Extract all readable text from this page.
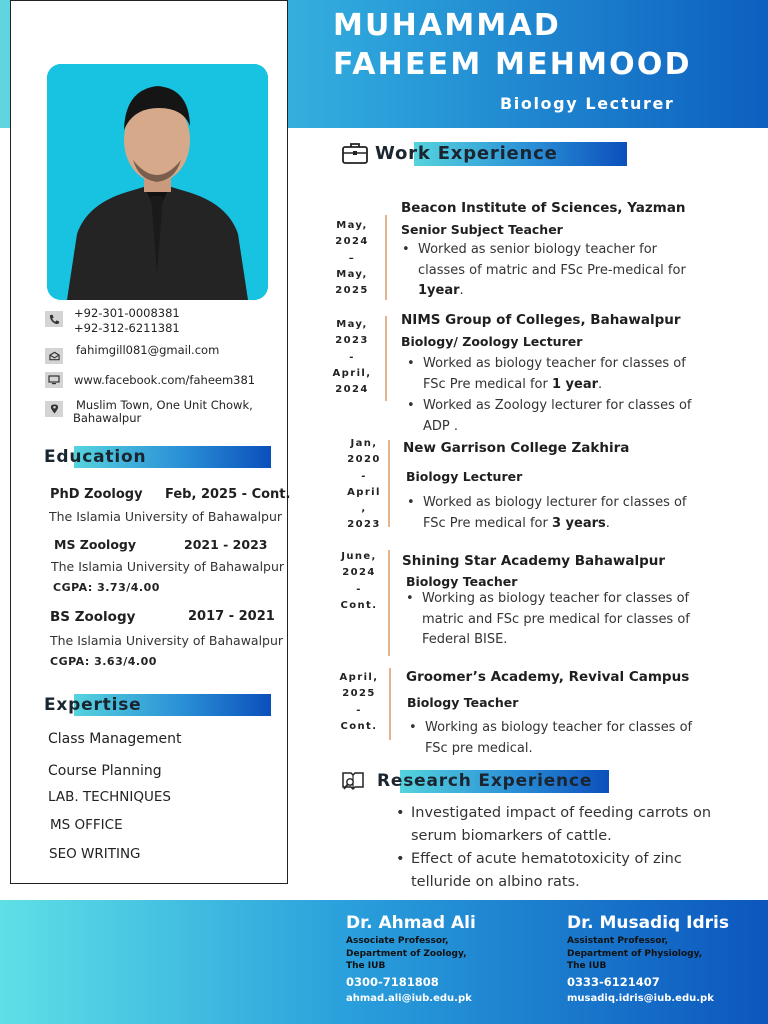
MUHAMMAD
FAHEEM MEHMOOD
Biology Lecturer
+92-301-0008381
+92-312-6211381
fahimgill081@gmail.com
www.facebook.com/faheem381
Muslim Town, One Unit Chowk,
Bahawalpur
Education
PhD Zoology Feb, 2025 - Cont.
The Islamia University of Bahawalpur
MS Zoology	2021 - 2023
The Islamia University of Bahawalpur
CGPA: 3.73/4.00
BS Zoology	2017 - 2021
The Islamia University of Bahawalpur
CGPA: 3.63/4.00
Expertise
Class Management
Course Planning
LAB. TECHNIQUES
MS OFFICE
SEO WRITING
Work Experience
May,
2024
–
May,
2025
Beacon Institute of Sciences, Yazman
Senior Subject Teacher
• Worked as senior biology teacher for classes of matric and FSc Pre-medical for 1year.
May,
2023
-
April,
2024
NIMS Group of Colleges, Bahawalpur
Biology/ Zoology Lecturer
• Worked as biology teacher for classes of FSc Pre medical for 1 year.
• Worked as Zoology lecturer for classes of ADP .
Jan,
2020
-
April
,
2023
New Garrison College Zakhira
Biology Lecturer
• Worked as biology lecturer for classes of FSc Pre medical for 3 years.
June,
2024
-
Cont.
Shining Star Academy Bahawalpur
Biology Teacher
• Working as biology teacher for classes of matric and FSc pre medical for classes of Federal BISE.
April,
2025
-
Cont.
Groomer’s Academy, Revival Campus
Biology Teacher
• Working as biology teacher for classes of FSc pre medical.
Research Experience
• Investigated impact of feeding carrots on serum biomarkers of cattle.
• Effect of acute hematotoxicity of zinc telluride on albino rats.
Dr. Ahmad Ali
Associate Professor,
Department of Zoology,
The IUB
0300-7181808
ahmad.ali@iub.edu.pk
Dr. Musadiq Idris
Assistant Professor,
Department of Physiology,
The IUB
0333-6121407
musadiq.idris@iub.edu.pk
